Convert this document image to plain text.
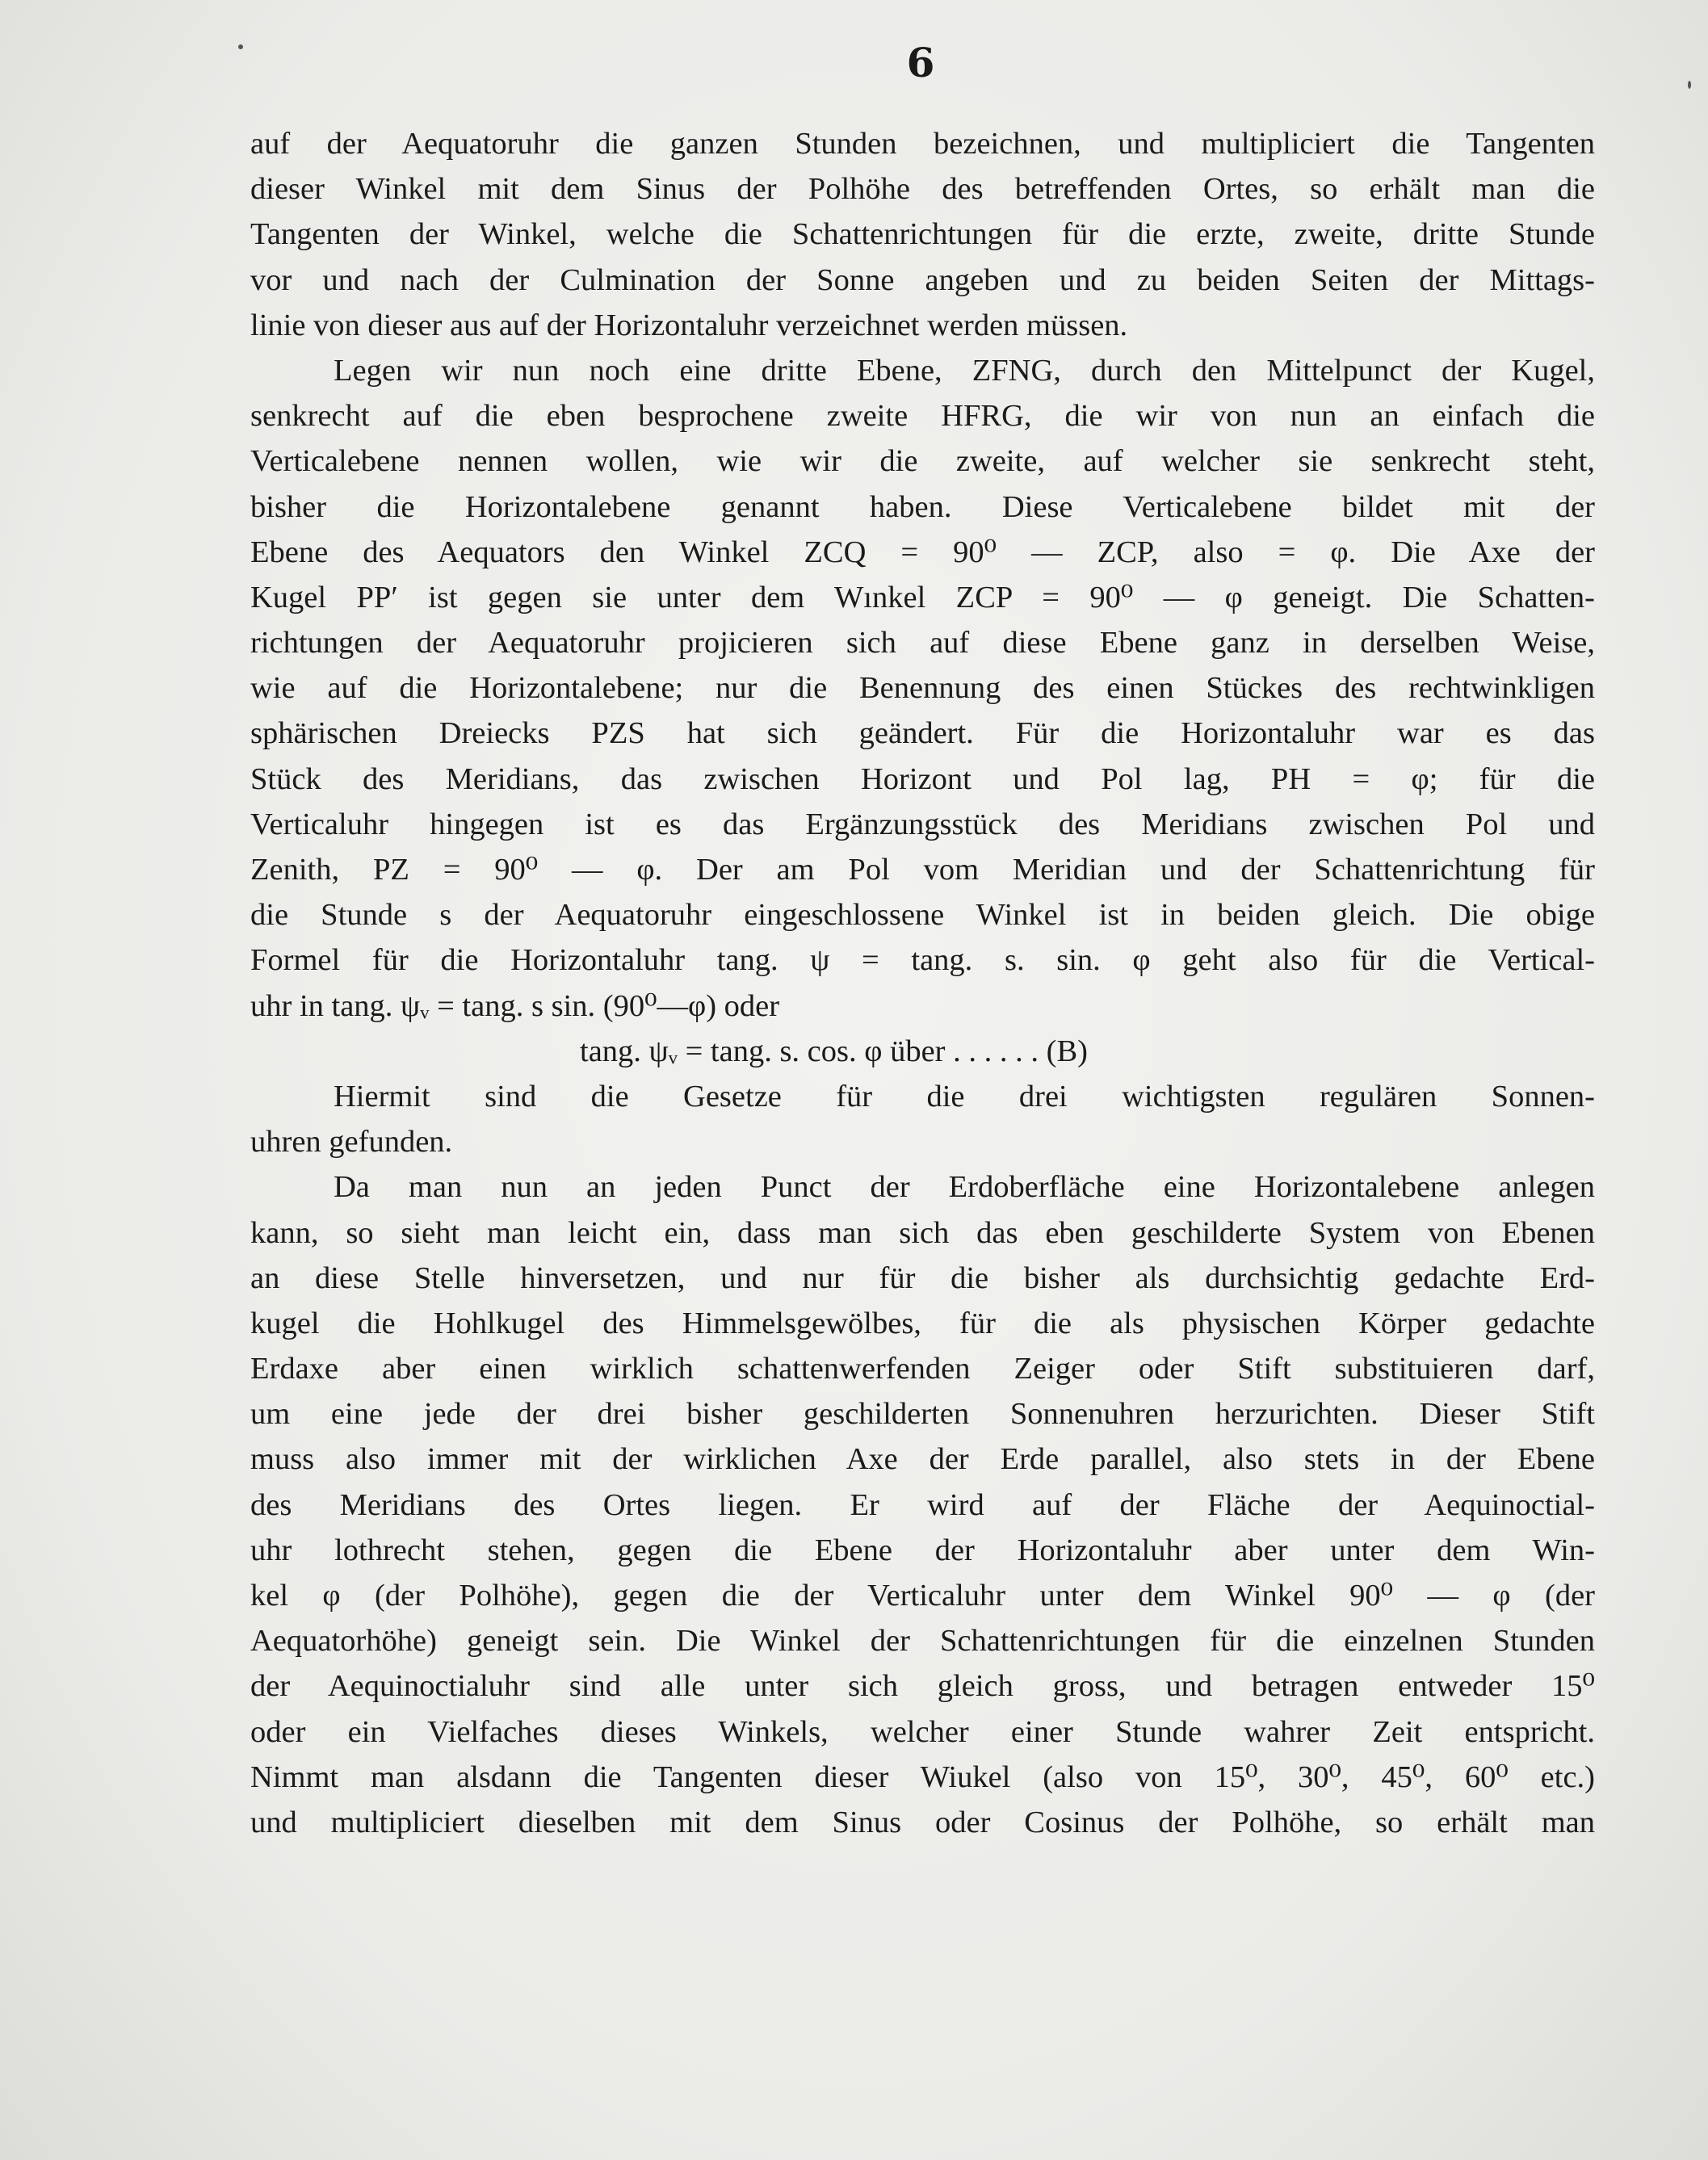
6
auf der Aequatoruhr die ganzen Stunden bezeichnen, und multipliciert die Tangenten
dieser Winkel mit dem Sinus der Polhöhe des betreffenden Ortes, so erhält man die
Tangenten der Winkel, welche die Schattenrichtungen für die erzte, zweite, dritte Stunde
vor und nach der Culmination der Sonne angeben und zu beiden Seiten der Mittags-
linie von dieser aus auf der Horizontaluhr verzeichnet werden müssen.
Legen wir nun noch eine dritte Ebene, ZFNG, durch den Mittelpunct der Kugel,
senkrecht auf die eben besprochene zweite HFRG, die wir von nun an einfach die
Verticalebene nennen wollen, wie wir die zweite, auf welcher sie senkrecht steht,
bisher die Horizontalebene genannt haben. Diese Verticalebene bildet mit der
Ebene des Aequators den Winkel ZCQ = 90⁰ — ZCP, also = φ. Die Axe der
Kugel PP′ ist gegen sie unter dem Wınkel ZCP = 90⁰ — φ geneigt. Die Schatten-
richtungen der Aequatoruhr projicieren sich auf diese Ebene ganz in derselben Weise,
wie auf die Horizontalebene; nur die Benennung des einen Stückes des rechtwinkligen
sphärischen Dreiecks PZS hat sich geändert. Für die Horizontaluhr war es das
Stück des Meridians, das zwischen Horizont und Pol lag, PH = φ; für die
Verticaluhr hingegen ist es das Ergänzungsstück des Meridians zwischen Pol und
Zenith, PZ = 90⁰ — φ. Der am Pol vom Meridian und der Schattenrichtung für
die Stunde s der Aequatoruhr eingeschlossene Winkel ist in beiden gleich. Die obige
Formel für die Horizontaluhr tang. ψ = tang. s. sin. φ geht also für die Vertical-
uhr in tang. ψᵥ = tang. s sin. (90⁰—φ) oder
tang. ψᵥ = tang. s. cos. φ über . . . . . . (B)
Hiermit sind die Gesetze für die drei wichtigsten regulären Sonnen-
uhren gefunden.
Da man nun an jeden Punct der Erdoberfläche eine Horizontalebene anlegen
kann, so sieht man leicht ein, dass man sich das eben geschilderte System von Ebenen
an diese Stelle hinversetzen, und nur für die bisher als durchsichtig gedachte Erd-
kugel die Hohlkugel des Himmelsgewölbes, für die als physischen Körper gedachte
Erdaxe aber einen wirklich schattenwerfenden Zeiger oder Stift substituieren darf,
um eine jede der drei bisher geschilderten Sonnenuhren herzurichten. Dieser Stift
muss also immer mit der wirklichen Axe der Erde parallel, also stets in der Ebene
des Meridians des Ortes liegen. Er wird auf der Fläche der Aequinoctial-
uhr lothrecht stehen, gegen die Ebene der Horizontaluhr aber unter dem Win-
kel φ (der Polhöhe), gegen die der Verticaluhr unter dem Winkel 90⁰ — φ (der
Aequatorhöhe) geneigt sein. Die Winkel der Schattenrichtungen für die einzelnen Stunden
der Aequinoctialuhr sind alle unter sich gleich gross, und betragen entweder 15⁰
oder ein Vielfaches dieses Winkels, welcher einer Stunde wahrer Zeit entspricht.
Nimmt man alsdann die Tangenten dieser Wiukel (also von 15⁰, 30⁰, 45⁰, 60⁰ etc.)
und multipliciert dieselben mit dem Sinus oder Cosinus der Polhöhe, so erhält man
